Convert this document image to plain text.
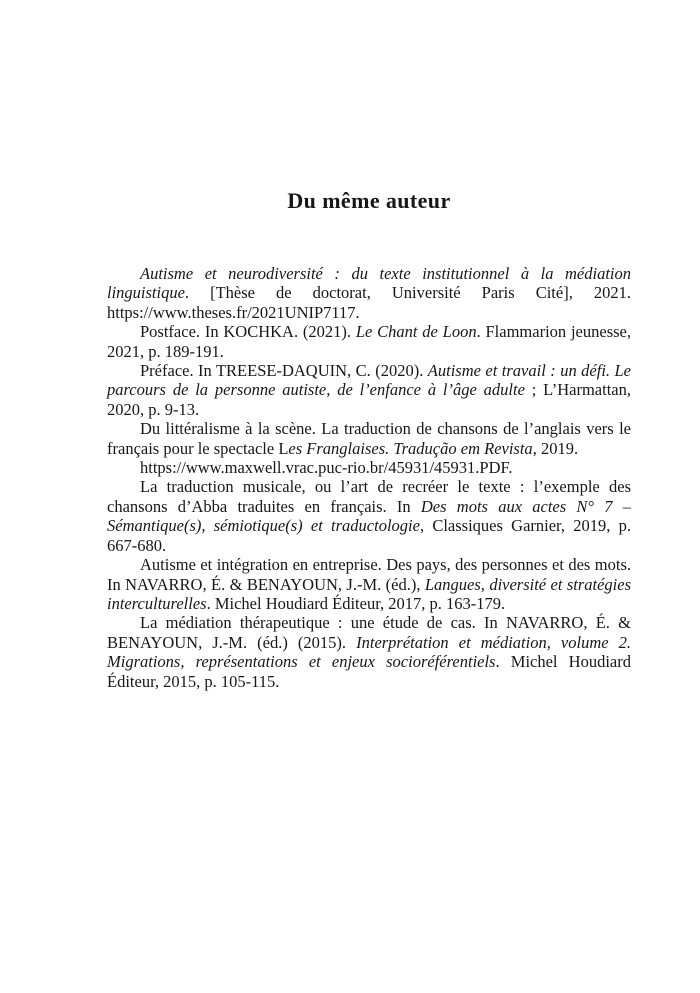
Du même auteur

Autisme et neurodiversité : du texte institutionnel à la médiation linguistique. [Thèse de doctorat, Université Paris Cité], 2021. https://www.theses.fr/2021UNIP7117.

Postface. In KOCHKA. (2021). Le Chant de Loon. Flammarion jeunesse, 2021, p. 189-191.

Préface. In TREESE-DAQUIN, C. (2020). Autisme et travail : un défi. Le parcours de la personne autiste, de l’enfance à l’âge adulte ; L’Harmattan, 2020, p. 9-13.

Du littéralisme à la scène. La traduction de chansons de l’anglais vers le français pour le spectacle Les Franglaises. Tradução em Revista, 2019.

https://www.maxwell.vrac.puc-rio.br/45931/45931.PDF.

La traduction musicale, ou l’art de recréer le texte : l’exemple des chansons d’Abba traduites en français. In Des mots aux actes N° 7 – Sémantique(s), sémiotique(s) et traductologie, Classiques Garnier, 2019, p. 667-680.

Autisme et intégration en entreprise. Des pays, des personnes et des mots. In NAVARRO, É. & BENAYOUN, J.-M. (éd.), Langues, diversité et stratégies interculturelles. Michel Houdiard Éditeur, 2017, p. 163-179.

La médiation thérapeutique : une étude de cas. In NAVARRO, É. & BENAYOUN, J.-M. (éd.) (2015). Interprétation et médiation, volume 2. Migrations, représentations et enjeux socioréférentiels. Michel Houdiard Éditeur, 2015, p. 105-115.
